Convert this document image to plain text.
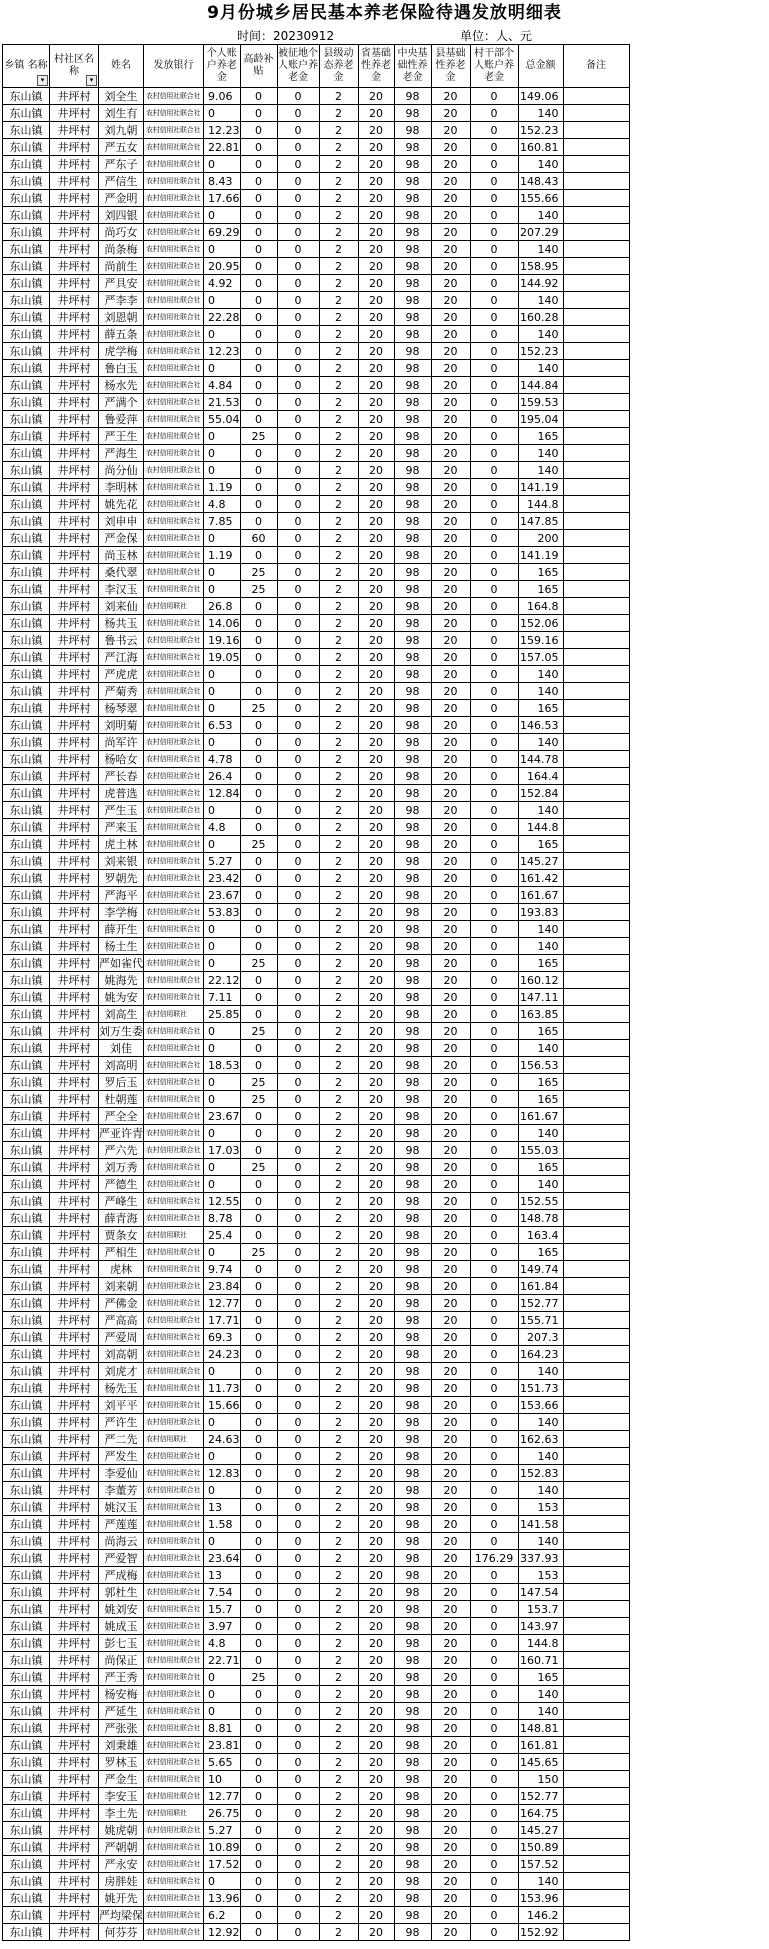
9月份城乡居民基本养老保险待遇发放明细表
时间：20230912	单位：人、元
乡镇 名称
▾	村社区名称
▾	姓名	发放银行	个人账户养老金	高龄补贴	被征地个人账户养老金	县级动态养老金	省基础性养老金	中央基础性养老金	县基础性养老金	村干部个人账户养老金	总金额	备注
东山镇	井坪村	刘全生	农村信用社联合社	9.06	0	0	2	20	98	20	0	149.06	
东山镇	井坪村	刘生有	农村信用社联合社	0	0	0	2	20	98	20	0	140	
东山镇	井坪村	刘九朝	农村信用社联合社	12.23	0	0	2	20	98	20	0	152.23	
东山镇	井坪村	严五女	农村信用社联合社	22.81	0	0	2	20	98	20	0	160.81	
东山镇	井坪村	严东子	农村信用社联合社	0	0	0	2	20	98	20	0	140	
东山镇	井坪村	严信生	农村信用社联合社	8.43	0	0	2	20	98	20	0	148.43	
东山镇	井坪村	严金明	农村信用社联合社	17.66	0	0	2	20	98	20	0	155.66	
东山镇	井坪村	刘四银	农村信用社联合社	0	0	0	2	20	98	20	0	140	
东山镇	井坪村	尚巧女	农村信用社联合社	69.29	0	0	2	20	98	20	0	207.29	
东山镇	井坪村	尚条梅	农村信用社联合社	0	0	0	2	20	98	20	0	140	
东山镇	井坪村	尚前生	农村信用社联合社	20.95	0	0	2	20	98	20	0	158.95	
东山镇	井坪村	严具安	农村信用社联合社	4.92	0	0	2	20	98	20	0	144.92	
东山镇	井坪村	严李李	农村信用社联合社	0	0	0	2	20	98	20	0	140	
东山镇	井坪村	刘恩朝	农村信用社联合社	22.28	0	0	2	20	98	20	0	160.28	
东山镇	井坪村	薛五条	农村信用社联合社	0	0	0	2	20	98	20	0	140	
东山镇	井坪村	虎学梅	农村信用社联合社	12.23	0	0	2	20	98	20	0	152.23	
东山镇	井坪村	鲁白玉	农村信用社联合社	0	0	0	2	20	98	20	0	140	
东山镇	井坪村	杨水先	农村信用社联合社	4.84	0	0	2	20	98	20	0	144.84	
东山镇	井坪村	严满个	农村信用社联合社	21.53	0	0	2	20	98	20	0	159.53	
东山镇	井坪村	鲁爱萍	农村信用社联合社	55.04	0	0	2	20	98	20	0	195.04	
东山镇	井坪村	严王生	农村信用社联合社	0	25	0	2	20	98	20	0	165	
东山镇	井坪村	严海生	农村信用社联合社	0	0	0	2	20	98	20	0	140	
东山镇	井坪村	尚分仙	农村信用社联合社	0	0	0	2	20	98	20	0	140	
东山镇	井坪村	李明林	农村信用社联合社	1.19	0	0	2	20	98	20	0	141.19	
东山镇	井坪村	姚先花	农村信用社联合社	4.8	0	0	2	20	98	20	0	144.8	
东山镇	井坪村	刘申申	农村信用社联合社	7.85	0	0	2	20	98	20	0	147.85	
东山镇	井坪村	严金保	农村信用社联合社	0	60	0	2	20	98	20	0	200	
东山镇	井坪村	尚玉林	农村信用社联合社	1.19	0	0	2	20	98	20	0	141.19	
东山镇	井坪村	桑代翠	农村信用社联合社	0	25	0	2	20	98	20	0	165	
东山镇	井坪村	李汉玉	农村信用社联合社	0	25	0	2	20	98	20	0	165	
东山镇	井坪村	刘来仙	农村信用联社	26.8	0	0	2	20	98	20	0	164.8	
东山镇	井坪村	杨共玉	农村信用社联合社	14.06	0	0	2	20	98	20	0	152.06	
东山镇	井坪村	鲁书云	农村信用社联合社	19.16	0	0	2	20	98	20	0	159.16	
东山镇	井坪村	严江海	农村信用社联合社	19.05	0	0	2	20	98	20	0	157.05	
东山镇	井坪村	严虎虎	农村信用社联合社	0	0	0	2	20	98	20	0	140	
东山镇	井坪村	严菊秀	农村信用社联合社	0	0	0	2	20	98	20	0	140	
东山镇	井坪村	杨琴翠	农村信用社联合社	0	25	0	2	20	98	20	0	165	
东山镇	井坪村	刘明菊	农村信用社联合社	6.53	0	0	2	20	98	20	0	146.53	
东山镇	井坪村	尚军许	农村信用社联合社	0	0	0	2	20	98	20	0	140	
东山镇	井坪村	杨哈女	农村信用社联合社	4.78	0	0	2	20	98	20	0	144.78	
东山镇	井坪村	严长春	农村信用社联合社	26.4	0	0	2	20	98	20	0	164.4	
东山镇	井坪村	虎普选	农村信用社联合社	12.84	0	0	2	20	98	20	0	152.84	
东山镇	井坪村	严生玉	农村信用社联合社	0	0	0	2	20	98	20	0	140	
东山镇	井坪村	严来玉	农村信用社联合社	4.8	0	0	2	20	98	20	0	144.8	
东山镇	井坪村	虎土林	农村信用社联合社	0	25	0	2	20	98	20	0	165	
东山镇	井坪村	刘来银	农村信用社联合社	5.27	0	0	2	20	98	20	0	145.27	
东山镇	井坪村	罗朝先	农村信用社联合社	23.42	0	0	2	20	98	20	0	161.42	
东山镇	井坪村	严海平	农村信用社联合社	23.67	0	0	2	20	98	20	0	161.67	
东山镇	井坪村	李学梅	农村信用社联合社	53.83	0	0	2	20	98	20	0	193.83	
东山镇	井坪村	薛开生	农村信用社联合社	0	0	0	2	20	98	20	0	140	
东山镇	井坪村	杨土生	农村信用社联合社	0	0	0	2	20	98	20	0	140	
东山镇	井坪村	严如雀代	农村信用社联合社	0	25	0	2	20	98	20	0	165	
东山镇	井坪村	姚海先	农村信用社联合社	22.12	0	0	2	20	98	20	0	160.12	
东山镇	井坪村	姚为安	农村信用社联合社	7.11	0	0	2	20	98	20	0	147.11	
东山镇	井坪村	刘高生	农村信用联社	25.85	0	0	2	20	98	20	0	163.85	
东山镇	井坪村	刘万生委	农村信用社联合社	0	25	0	2	20	98	20	0	165	
东山镇	井坪村	刘佳	农村信用社联合社	0	0	0	2	20	98	20	0	140	
东山镇	井坪村	刘高明	农村信用社联合社	18.53	0	0	2	20	98	20	0	156.53	
东山镇	井坪村	罗后玉	农村信用社联合社	0	25	0	2	20	98	20	0	165	
东山镇	井坪村	杜朝莲	农村信用社联合社	0	25	0	2	20	98	20	0	165	
东山镇	井坪村	严全全	农村信用社联合社	23.67	0	0	2	20	98	20	0	161.67	
东山镇	井坪村	严亚许青	农村信用社联合社	0	0	0	2	20	98	20	0	140	
东山镇	井坪村	严六先	农村信用社联合社	17.03	0	0	2	20	98	20	0	155.03	
东山镇	井坪村	刘万秀	农村信用社联合社	0	25	0	2	20	98	20	0	165	
东山镇	井坪村	严德生	农村信用社联合社	0	0	0	2	20	98	20	0	140	
东山镇	井坪村	严峰生	农村信用社联合社	12.55	0	0	2	20	98	20	0	152.55	
东山镇	井坪村	薛青海	农村信用社联合社	8.78	0	0	2	20	98	20	0	148.78	
东山镇	井坪村	贾条女	农村信用联社	25.4	0	0	2	20	98	20	0	163.4	
东山镇	井坪村	严相生	农村信用社联合社	0	25	0	2	20	98	20	0	165	
东山镇	井坪村	虎林	农村信用社联合社	9.74	0	0	2	20	98	20	0	149.74	
东山镇	井坪村	刘来朝	农村信用社联合社	23.84	0	0	2	20	98	20	0	161.84	
东山镇	井坪村	严佛金	农村信用社联合社	12.77	0	0	2	20	98	20	0	152.77	
东山镇	井坪村	严高高	农村信用社联合社	17.71	0	0	2	20	98	20	0	155.71	
东山镇	井坪村	严爱周	农村信用社联合社	69.3	0	0	2	20	98	20	0	207.3	
东山镇	井坪村	刘高朝	农村信用社联合社	24.23	0	0	2	20	98	20	0	164.23	
东山镇	井坪村	刘虎才	农村信用社联合社	0	0	0	2	20	98	20	0	140	
东山镇	井坪村	杨先玉	农村信用社联合社	11.73	0	0	2	20	98	20	0	151.73	
东山镇	井坪村	刘平平	农村信用社联合社	15.66	0	0	2	20	98	20	0	153.66	
东山镇	井坪村	严许生	农村信用社联合社	0	0	0	2	20	98	20	0	140	
东山镇	井坪村	严二先	农村信用联社	24.63	0	0	2	20	98	20	0	162.63	
东山镇	井坪村	严发生	农村信用社联合社	0	0	0	2	20	98	20	0	140	
东山镇	井坪村	李爱仙	农村信用社联合社	12.83	0	0	2	20	98	20	0	152.83	
东山镇	井坪村	李董芳	农村信用社联合社	0	0	0	2	20	98	20	0	140	
东山镇	井坪村	姚汉玉	农村信用社联合社	13	0	0	2	20	98	20	0	153	
东山镇	井坪村	严莲莲	农村信用社联合社	1.58	0	0	2	20	98	20	0	141.58	
东山镇	井坪村	尚海云	农村信用社联合社	0	0	0	2	20	98	20	0	140	
东山镇	井坪村	严爱智	农村信用社联合社	23.64	0	0	2	20	98	20	176.29	337.93	
东山镇	井坪村	严成梅	农村信用社联合社	13	0	0	2	20	98	20	0	153	
东山镇	井坪村	郭杜生	农村信用社联合社	7.54	0	0	2	20	98	20	0	147.54	
东山镇	井坪村	姚刘安	农村信用社联合社	15.7	0	0	2	20	98	20	0	153.7	
东山镇	井坪村	姚成玉	农村信用社联合社	3.97	0	0	2	20	98	20	0	143.97	
东山镇	井坪村	彭七玉	农村信用社联合社	4.8	0	0	2	20	98	20	0	144.8	
东山镇	井坪村	尚保正	农村信用社联合社	22.71	0	0	2	20	98	20	0	160.71	
东山镇	井坪村	严王秀	农村信用社联合社	0	25	0	2	20	98	20	0	165	
东山镇	井坪村	杨安梅	农村信用社联合社	0	0	0	2	20	98	20	0	140	
东山镇	井坪村	严延生	农村信用社联合社	0	0	0	2	20	98	20	0	140	
东山镇	井坪村	严张张	农村信用社联合社	8.81	0	0	2	20	98	20	0	148.81	
东山镇	井坪村	刘秉雄	农村信用社联合社	23.81	0	0	2	20	98	20	0	161.81	
东山镇	井坪村	罗林玉	农村信用社联合社	5.65	0	0	2	20	98	20	0	145.65	
东山镇	井坪村	严金生	农村信用社联合社	10	0	0	2	20	98	20	0	150	
东山镇	井坪村	李安玉	农村信用社联合社	12.77	0	0	2	20	98	20	0	152.77	
东山镇	井坪村	李土先	农村信用联社	26.75	0	0	2	20	98	20	0	164.75	
东山镇	井坪村	姚虎朝	农村信用社联合社	5.27	0	0	2	20	98	20	0	145.27	
东山镇	井坪村	严朝朝	农村信用社联合社	10.89	0	0	2	20	98	20	0	150.89	
东山镇	井坪村	严永安	农村信用社联合社	17.52	0	0	2	20	98	20	0	157.52	
东山镇	井坪村	房胖娃	农村信用社联合社	0	0	0	2	20	98	20	0	140	
东山镇	井坪村	姚开先	农村信用社联合社	13.96	0	0	2	20	98	20	0	153.96	
东山镇	井坪村	严均梁保	农村信用社联合社	6.2	0	0	2	20	98	20	0	146.2	
东山镇	井坪村	何芬芬	农村信用社联合社	12.92	0	0	2	20	98	20	0	152.92	
